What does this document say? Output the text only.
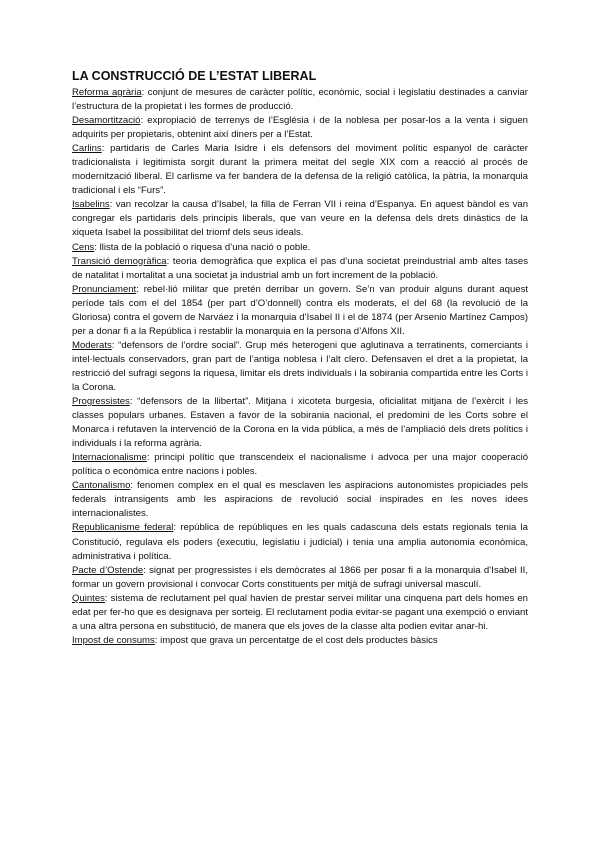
LA CONSTRUCCIÓ DE L’ESTAT LIBERAL

Reforma agrària: conjunt de mesures de caràcter polític, econòmic, social i legislatiu destinades a canviar l’estructura de la propietat i les formes de producció.

Desamortització: expropiació de terrenys de l’Església i de la noblesa per posar-los a la venta i siguen adquirits per propietaris, obtenint així diners per a l’Estat.

Carlins: partidaris de Carles Maria Isidre i els defensors del moviment polític espanyol de caràcter tradicionalista i legitimista sorgit durant la primera meitat del segle XIX com a reacció al procés de modernització liberal. El carlisme va fer bandera de la defensa de la religió catòlica, la pàtria, la monarquia tradicional i els “Furs”.

Isabelins: van recolzar la causa d’Isabel, la filla de Ferran VII i reina d’Espanya. En aquest bàndol es van congregar els partidaris dels principis liberals, que van veure en la defensa dels drets dinàstics de la xiqueta Isabel la possibilitat del triomf dels seus ideals.

Cens: llista de la població o riquesa d’una nació o poble.

Transició demogràfica: teoria demogràfica que explica el pas d’una societat preindustrial amb altes tases de natalitat i mortalitat a una societat ja industrial amb un fort increment de la població.

Pronunciament: rebel·lió militar que pretén derribar un govern. Se’n van produir alguns durant aquest període tals com el del 1854 (per part d’O’donnell) contra els moderats, el del 68 (la revolució de la Gloriosa) contra el govern de Narváez i la monarquia d’Isabel II i el de 1874 (per Arsenio Martínez Campos) per a donar fi a la República i restablir la monarquia en la persona d’Alfons XII.

Moderats: “defensors de l’ordre social”. Grup més heterogeni que aglutinava a terratinents, comerciants i intel·lectuals conservadors, gran part de l’antiga noblesa i l’alt clero. Defensaven el dret a la propietat, la restricció del sufragi segons la riquesa, limitar els drets individuals i la sobirania compartida entre les Corts i la Corona.

Progressistes: “defensors de la llibertat”. Mitjana i xicoteta burgesia, oficialitat mitjana de l’exèrcit i les classes populars urbanes. Estaven a favor de la sobirania nacional, el predomini de les Corts sobre el Monarca i refutaven la intervenció de la Corona en la vida pública, a més de l’ampliació dels drets polítics i individuals i la reforma agrària.

Internacionalisme: principi polític que transcendeix el nacionalisme i advoca per una major cooperació política o econòmica entre nacions i pobles.

Cantonalismo: fenomen complex en el qual es mesclaven les aspiracions autonomistes propiciades pels federals intransigents amb les aspiracions de revolució social inspirades en les noves idees internacionalistes.

Republicanisme federal: república de repúbliques en les quals cadascuna dels estats regionals tenia la Constitució, regulava els poders (executiu, legislatiu i judicial) i tenia una amplia autonomia econòmica, administrativa i política.

Pacte d’Ostende: signat per progressistes i els demòcrates al 1866 per posar fi a la monarquia d’Isabel II, formar un govern provisional i convocar Corts constituents per mitjà de sufragi universal masculí.

Quintes: sistema de reclutament pel qual havien de prestar servei militar una cinquena part dels homes en edat per fer-ho que es designava per sorteig. El reclutament podia evitar-se pagant una exempció o enviant a una altra persona en substitució, de manera que els joves de la classe alta podien evitar anar-hi.

Impost de consums: impost que grava un percentatge de el cost dels productes bàsics
